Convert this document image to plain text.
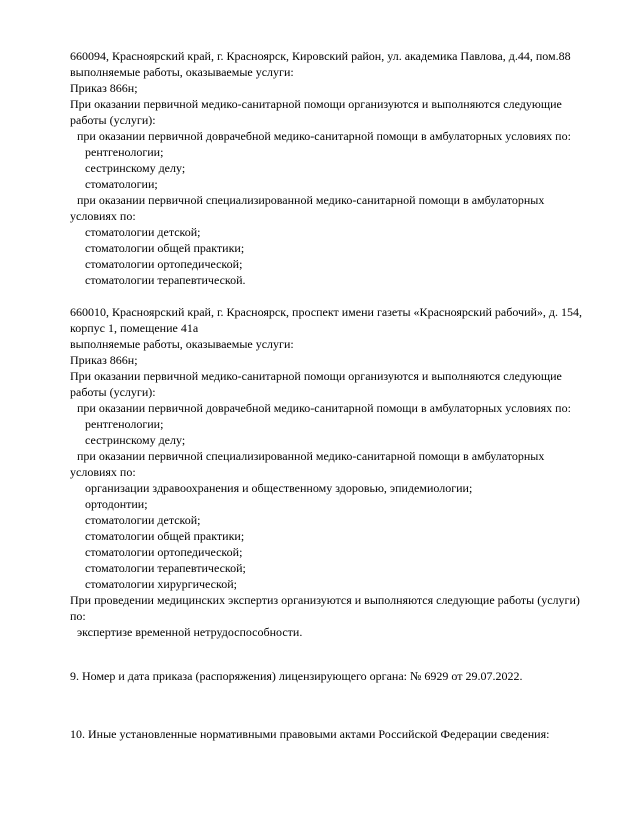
660094, Красноярский край, г. Красноярск, Кировский район, ул. академика Павлова, д.44, пом.88

выполняемые работы, оказываемые услуги:

Приказ 866н;

При оказании первичной медико-санитарной помощи организуются и выполняются следующие работы (услуги):

при оказании первичной доврачебной медико-санитарной помощи в амбулаторных условиях по:

рентгенологии;

сестринскому делу;

стоматологии;

при оказании первичной специализированной медико-санитарной помощи в амбулаторных условиях по:

стоматологии детской;

стоматологии общей практики;

стоматологии ортопедической;

стоматологии терапевтической.

660010, Красноярский край, г. Красноярск, проспект имени газеты «Красноярский рабочий», д. 154, корпус 1, помещение 41а

выполняемые работы, оказываемые услуги:

Приказ 866н;

При оказании первичной медико-санитарной помощи организуются и выполняются следующие работы (услуги):

при оказании первичной доврачебной медико-санитарной помощи в амбулаторных условиях по:

рентгенологии;

сестринскому делу;

при оказании первичной специализированной медико-санитарной помощи в амбулаторных условиях по:

организации здравоохранения и общественному здоровью, эпидемиологии;

ортодонтии;

стоматологии детской;

стоматологии общей практики;

стоматологии ортопедической;

стоматологии терапевтической;

стоматологии хирургической;

При проведении медицинских экспертиз организуются и выполняются следующие работы (услуги) по:

экспертизе временной нетрудоспособности.

9. Номер и дата приказа (распоряжения) лицензирующего органа: № 6929 от 29.07.2022.

10. Иные установленные нормативными правовыми актами Российской Федерации сведения:
